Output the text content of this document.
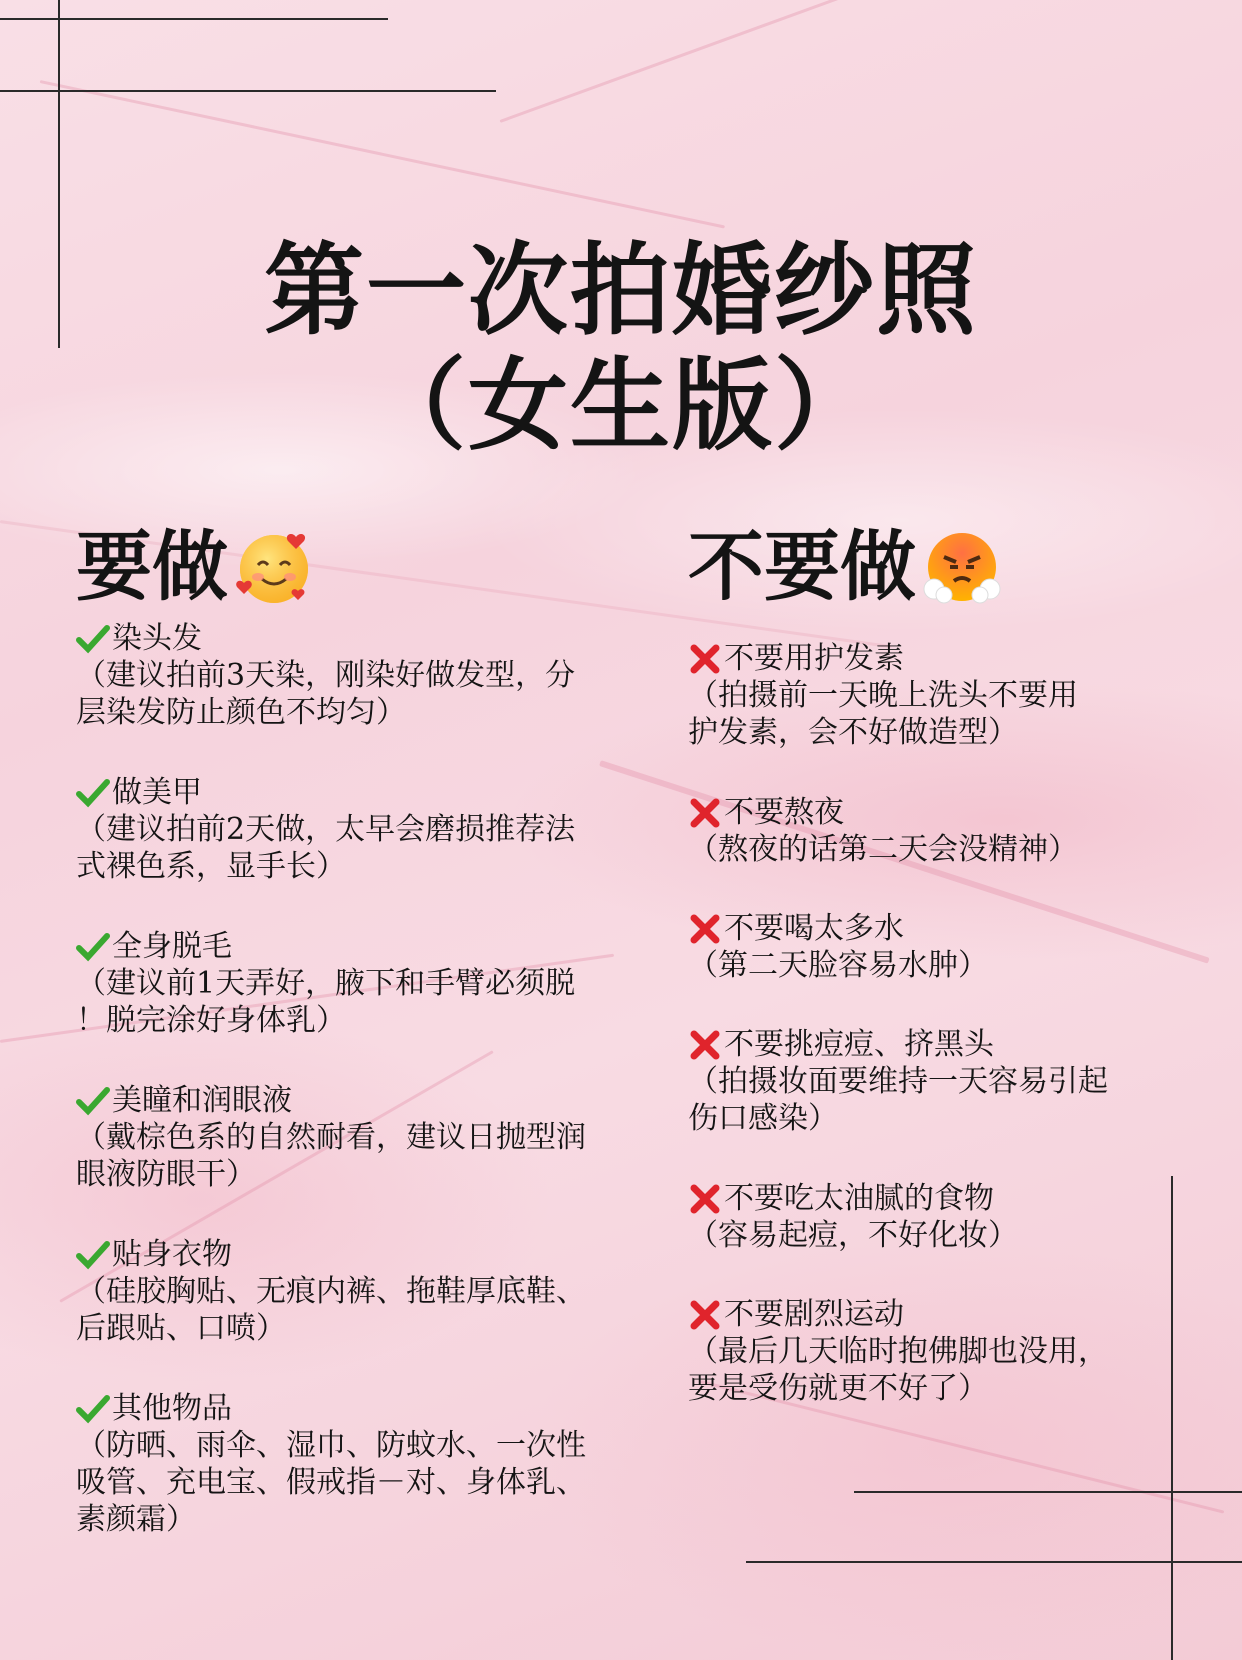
第一次拍婚纱照
（女生版）
要做	不要做
染头发
（建议拍前3天染，刚染好做发型，分
层染发防止颜色不均匀）
做美甲
（建议拍前2天做，太早会磨损推荐法
式裸色系，显手长）
全身脱毛
（建议前1天弄好，腋下和手臂必须脱
！脱完涂好身体乳）
美瞳和润眼液
（戴棕色系的自然耐看，建议日抛型润
眼液防眼干）
贴身衣物
（硅胶胸贴、无痕内裤、拖鞋厚底鞋、
后跟贴、口喷）
其他物品
（防晒、雨伞、湿巾、防蚊水、一次性
吸管、充电宝、假戒指－对、身体乳、
素颜霜）
不要用护发素
（拍摄前一天晚上洗头不要用
护发素，会不好做造型）
不要熬夜
（熬夜的话第二天会没精神）
不要喝太多水
（第二天脸容易水肿）
不要挑痘痘、挤黑头
（拍摄妆面要维持一天容易引起
伤口感染）
不要吃太油腻的食物
（容易起痘，不好化妆）
不要剧烈运动
（最后几天临时抱佛脚也没用，
要是受伤就更不好了）
